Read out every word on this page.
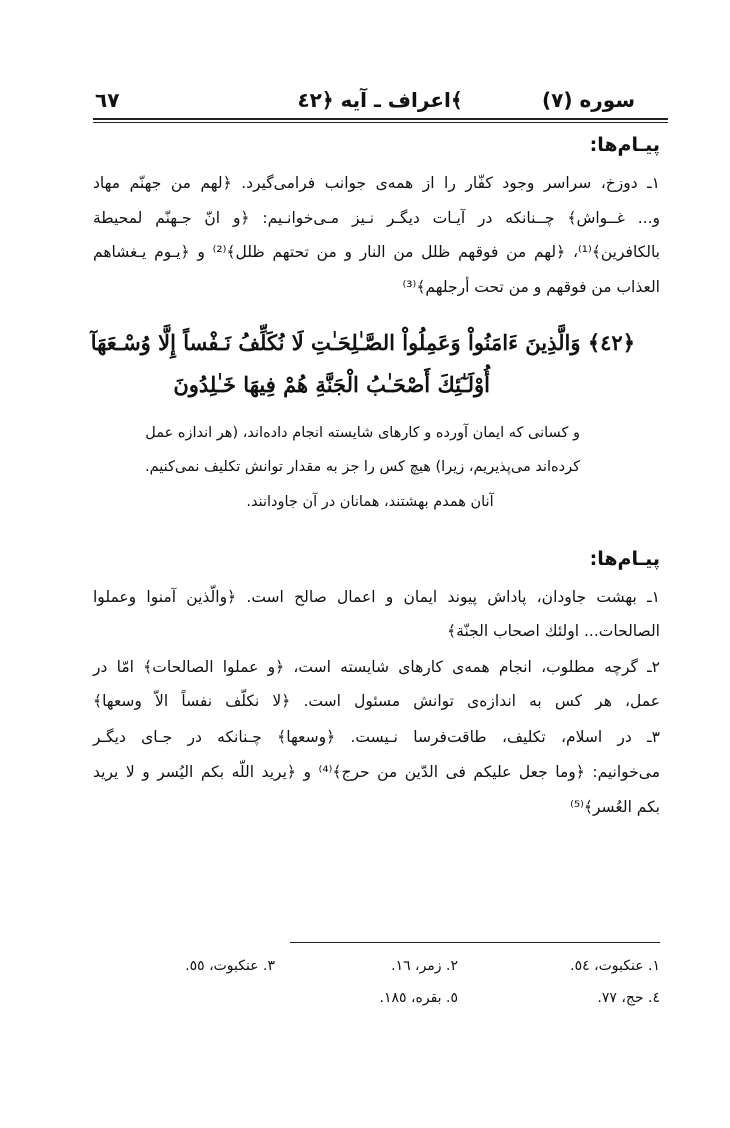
سوره (٧)
اعراف ـ آيه ﴿٤٢﴾
٦٧
پيـام‌ها:
١ـ دوزخ، سراسر وجود كفّار را از همه‌ى جوانب فرامى‌گيرد. ﴿لهم من جهنّم مهاد
و... غــواش﴾ چــنانكه در آيـات ديگـر نـيز مـى‌خوانـيم: ﴿و انّ جـهنّم لمحيطة
بالكافرين﴾⁽¹⁾، ﴿لهم من فوقهم ظلل من النار و من تحتهم ظلل﴾⁽²⁾ و ﴿يـوم يـغشاهم
العذاب من فوقهم و من تحت أرجلهم﴾⁽³⁾
﴿٤٢﴾ وَالَّذِينَ ءَامَنُواْ وَعَمِلُواْ الصَّـٰلِحَـٰتِ لَا نُكَلِّفُ نَـفْساً إِلَّا وُسْـعَهَآ
أُوْلَـٰٓئِكَ أَصْحَـٰبُ الْجَنَّةِ هُمْ فِيهَا خَـٰلِدُونَ
و كسانى كه ايمان آورده و كارهاى شايسته انجام داده‌اند، (هر اندازه عمل
كرده‌اند مى‌پذيريم، زيرا) هيچ كس را جز به مقدار توانش تكليف نمى‌كنيم.
آنان همدم بهشتند، همانان در آن جاودانند.
پيـام‌ها:
١ـ بهشت جاودان، پاداش پيوند ايمان و اعمال صالح است. ﴿والّذين آمنوا وعملوا
الصالحات... اولئك اصحاب الجنّة﴾
٢ـ گرچه مطلوب، انجام همه‌ى كارهاى شايسته است، ﴿و عملوا الصالحات﴾ امّا در
عمل، هر كس به اندازه‌ى توانش مسئول است. ﴿لا نكلّف نفساً الاّ وسعها﴾
٣ـ در اسلام، تكليف، طاقت‌فرسا نـيست. ﴿وسعها﴾ چـنانكه در جـاى ديگـر
مى‌خوانيم: ﴿وما جعل عليكم فى الدّين من حرج﴾⁽⁴⁾ و ﴿يريد اللّه بكم اليُسر و لا يريد
بكم العُسر﴾⁽⁵⁾
١. عنكبوت، ٥٤.
٢. زمر، ١٦.
٣. عنكبوت، ٥٥.
٤. حج، ٧٧.
٥. بقره، ١٨٥.
